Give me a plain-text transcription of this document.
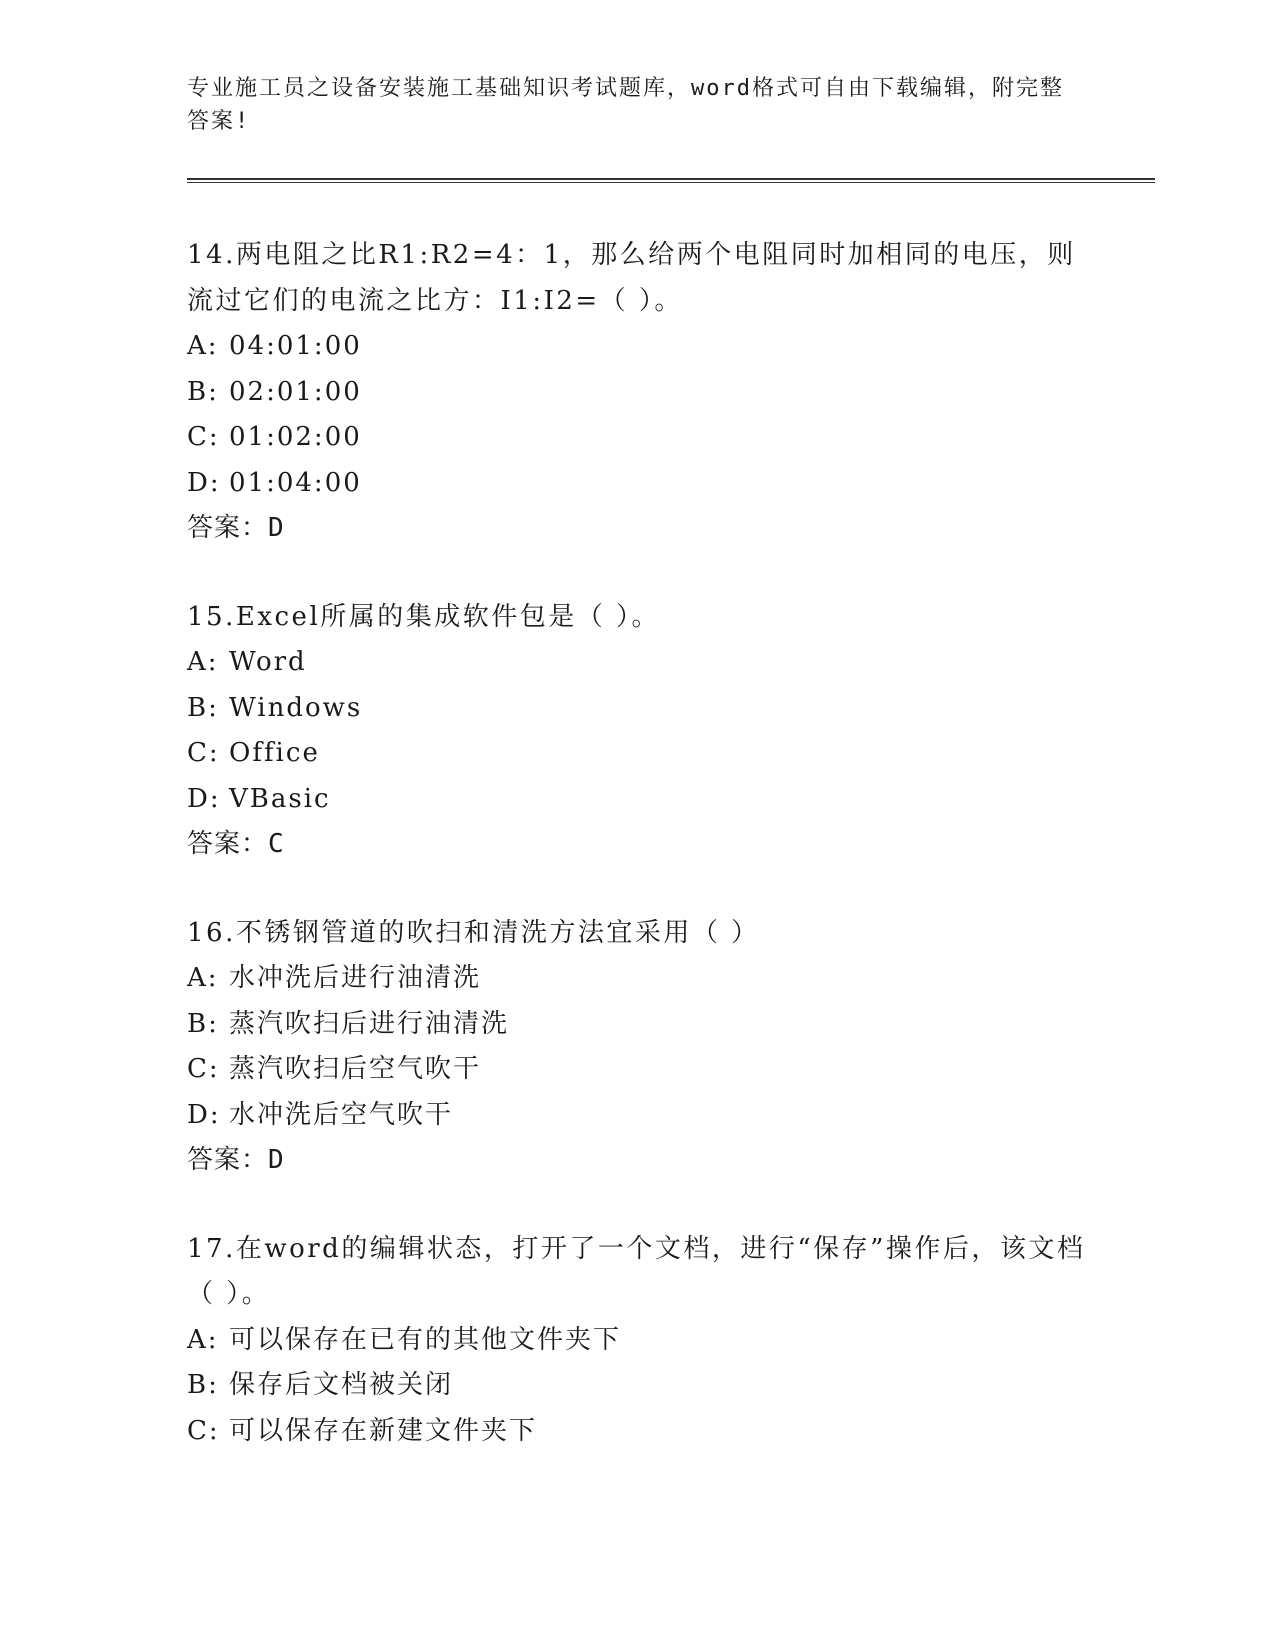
专业施工员之设备安装施工基础知识考试题库，word格式可自由下载编辑，附完整答案!

14.两电阻之比R1:R2=4：1，那么给两个电阻同时加相同的电压，则流过它们的电流之比方：I1:I2=（ ）。

A: 04:01:00

B: 02:01:00

C: 01:02:00

D: 01:04:00

答案：D

15.Excel所属的集成软件包是（ ）。

A: Word

B: Windows

C: Office

D: VBasic

答案：C

16.不锈钢管道的吹扫和清洗方法宜采用（ ）

A: 水冲洗后进行油清洗

B: 蒸汽吹扫后进行油清洗

C: 蒸汽吹扫后空气吹干

D: 水冲洗后空气吹干

答案：D

17.在word的编辑状态，打开了一个文档，进行“保存”操作后，该文档（ ）。

A: 可以保存在已有的其他文件夹下

B: 保存后文档被关闭

C: 可以保存在新建文件夹下
